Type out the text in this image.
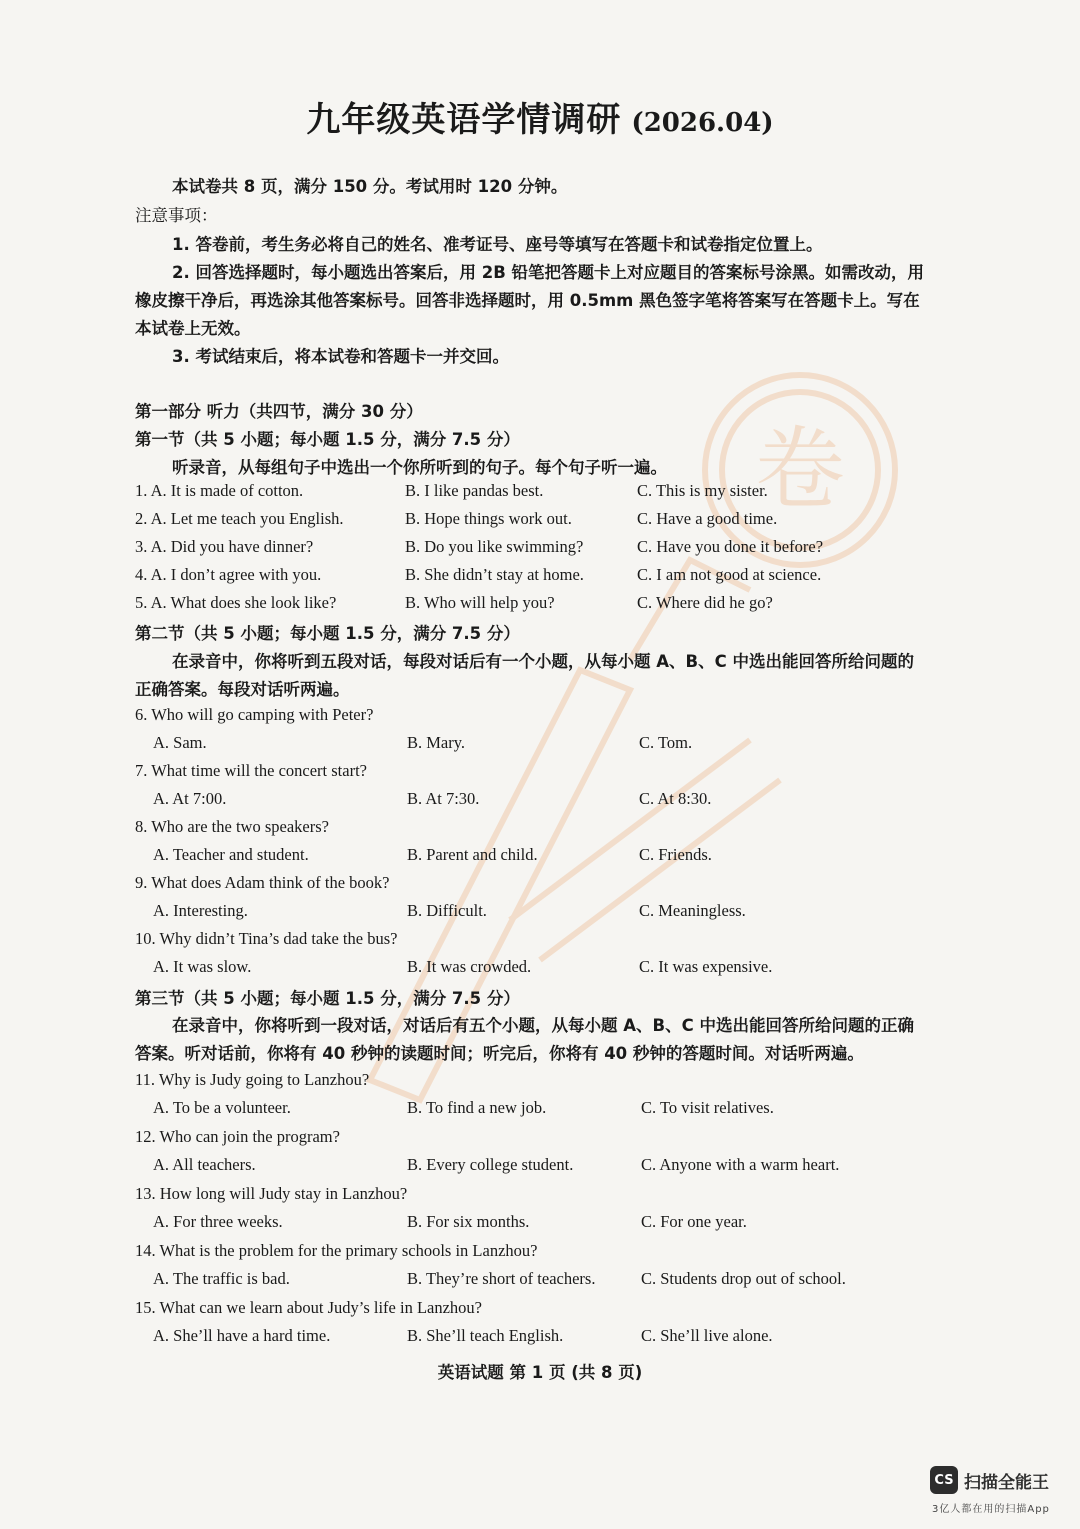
卷
九年级英语学情调研 (2026.04)
本试卷共 8 页，满分 150 分。考试用时 120 分钟。
注意事项：
1. 答卷前，考生务必将自己的姓名、准考证号、座号等填写在答题卡和试卷指定位置上。
2. 回答选择题时，每小题选出答案后，用 2B 铅笔把答题卡上对应题目的答案标号涂黑。如需改动，用
橡皮擦干净后，再选涂其他答案标号。回答非选择题时，用 0.5mm 黑色签字笔将答案写在答题卡上。写在
本试卷上无效。
3. 考试结束后，将本试卷和答题卡一并交回。
第一部分 听力（共四节，满分 30 分）
第一节（共 5 小题；每小题 1.5 分，满分 7.5 分）
听录音，从每组句子中选出一个你所听到的句子。每个句子听一遍。
1. A. It is made of cotton.	B. I like pandas best.	C. This is my sister.
2. A. Let me teach you English.	B. Hope things work out.	C. Have a good time.
3. A. Did you have dinner?	B. Do you like swimming?	C. Have you done it before?
4. A. I don’t agree with you.	B. She didn’t stay at home.	C. I am not good at science.
5. A. What does she look like?	B. Who will help you?	C. Where did he go?
第二节（共 5 小题；每小题 1.5 分，满分 7.5 分）
在录音中，你将听到五段对话，每段对话后有一个小题，从每小题 A、B、C 中选出能回答所给问题的
正确答案。每段对话听两遍。
6. Who will go camping with Peter?
A. Sam.	B. Mary.	C. Tom.
7. What time will the concert start?
A. At 7:00.	B. At 7:30.	C. At 8:30.
8. Who are the two speakers?
A. Teacher and student.	B. Parent and child.	C. Friends.
9. What does Adam think of the book?
A. Interesting.	B. Difficult.	C. Meaningless.
10. Why didn’t Tina’s dad take the bus?
A. It was slow.	B. It was crowded.	C. It was expensive.
第三节（共 5 小题；每小题 1.5 分，满分 7.5 分）
在录音中，你将听到一段对话，对话后有五个小题，从每小题 A、B、C 中选出能回答所给问题的正确
答案。听对话前，你将有 40 秒钟的读题时间；听完后，你将有 40 秒钟的答题时间。对话听两遍。
11. Why is Judy going to Lanzhou?
A. To be a volunteer.	B. To find a new job.	C. To visit relatives.
12. Who can join the program?
A. All teachers.	B. Every college student.	C. Anyone with a warm heart.
13. How long will Judy stay in Lanzhou?
A. For three weeks.	B. For six months.	C. For one year.
14. What is the problem for the primary schools in Lanzhou?
A. The traffic is bad.	B. They’re short of teachers.	C. Students drop out of school.
15. What can we learn about Judy’s life in Lanzhou?
A. She’ll have a hard time.	B. She’ll teach English.	C. She’ll live alone.
英语试题 第 1 页 (共 8 页)
CS 扫描全能王
3亿人都在用的扫描App
